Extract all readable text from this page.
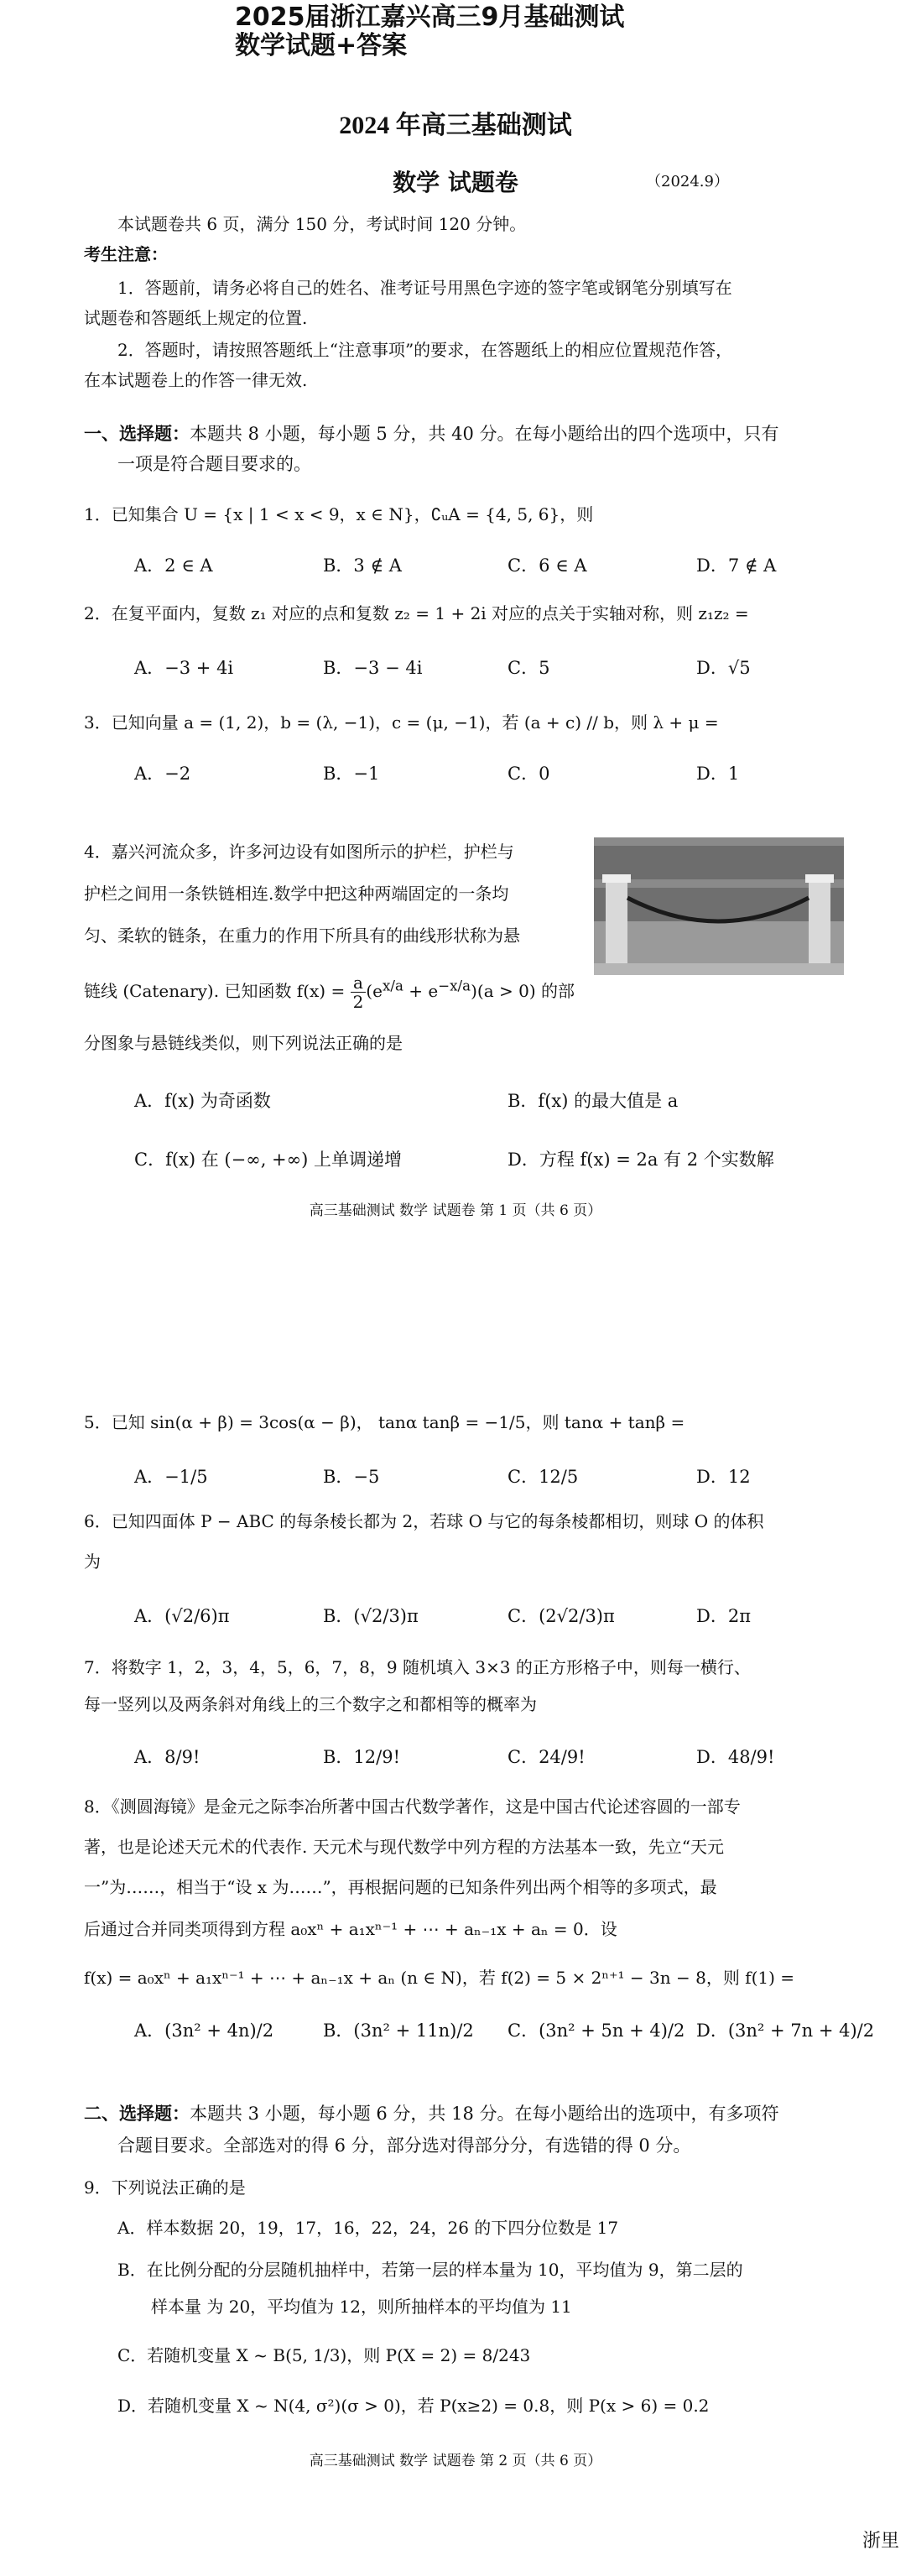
2025届浙江嘉兴高三9月基础测试
数学试题+答案
2024 年高三基础测试
数学 试题卷	（2024.9）
本试题卷共 6 页，满分 150 分，考试时间 120 分钟。
考生注意：
1．答题前，请务必将自己的姓名、准考证号用黑色字迹的签字笔或钢笔分别填写在
试题卷和答题纸上规定的位置.
2．答题时，请按照答题纸上“注意事项”的要求，在答题纸上的相应位置规范作答，
在本试题卷上的作答一律无效.
一、选择题：本题共 8 小题，每小题 5 分，共 40 分。在每小题给出的四个选项中，只有
一项是符合题目要求的。
1．已知集合 U = {x | 1 < x < 9，x ∈ N}，∁ᵤA = {4, 5, 6}，则
A．2 ∈ A	B．3 ∉ A	C．6 ∈ A	D．7 ∉ A
2．在复平面内，复数 z₁ 对应的点和复数 z₂ = 1 + 2i 对应的点关于实轴对称，则 z₁z₂ =
A．−3 + 4i	B．−3 − 4i	C．5	D．√5
3．已知向量 a = (1, 2)，b = (λ, −1)，c = (μ, −1)，若 (a + c) // b，则 λ + μ =
A．−2	B．−1	C．0	D．1
4．嘉兴河流众多，许多河边设有如图所示的护栏，护栏与
护栏之间用一条铁链相连.数学中把这种两端固定的一条均
匀、柔软的链条，在重力的作用下所具有的曲线形状称为悬
链线 (Catenary). 已知函数 $f(x) = \frac{a}{2} (e^{x/a} + e^{-x/a})(a > 0)$ 的部
分图象与悬链线类似，则下列说法正确的是
A．f(x) 为奇函数	B．f(x) 的最大值是 a
C．f(x) 在 (−∞, +∞) 上单调递增	D．方程 f(x) = 2a 有 2 个实数解
高三基础测试 数学 试题卷 第 1 页（共 6 页）
5．已知 sin(α + β) = 3cos(α − β)， tanα tanβ = −1/5，则 tanα + tanβ =
A．−1/5	B．−5	C．12/5	D．12
6．已知四面体 P − ABC 的每条棱长都为 2，若球 O 与它的每条棱都相切，则球 O 的体积
为
A．(√2/6)π	B．(√2/3)π	C．(2√2/3)π	D．2π
7．将数字 1，2，3，4，5，6，7，8，9 随机填入 3×3 的正方形格子中，则每一横行、
每一竖列以及两条斜对角线上的三个数字之和都相等的概率为
A．8/9!	B．12/9!	C．24/9!	D．48/9!
8．《测圆海镜》是金元之际李冶所著中国古代数学著作，这是中国古代论述容圆的一部专
著，也是论述天元术的代表作. 天元术与现代数学中列方程的方法基本一致，先立“天元
一”为……，相当于“设 x 为……”，再根据问题的已知条件列出两个相等的多项式，最
后通过合并同类项得到方程 a₀xⁿ + a₁xⁿ⁻¹ + ⋯ + aₙ₋₁x + aₙ = 0．设
f(x) = a₀xⁿ + a₁xⁿ⁻¹ + ⋯ + aₙ₋₁x + aₙ (n ∈ N)，若 f(2) = 5 × 2ⁿ⁺¹ − 3n − 8，则 f(1) =
A．(3n² + 4n)/2	B．(3n² + 11n)/2 C．(3n² + 5n + 4)/2 D．(3n² + 7n + 4)/2
二、选择题：本题共 3 小题，每小题 6 分，共 18 分。在每小题给出的选项中，有多项符
合题目要求。全部选对的得 6 分，部分选对得部分分，有选错的得 0 分。
9．下列说法正确的是
A．样本数据 20，19，17，16，22，24，26 的下四分位数是 17
B．在比例分配的分层随机抽样中，若第一层的样本量为 10，平均值为 9，第二层的
样本量 为 20，平均值为 12，则所抽样本的平均值为 11
C．若随机变量 X ~ B(5, 1/3)，则 P(X = 2) = 8/243
D．若随机变量 X ~ N(4, σ²)(σ > 0)，若 P(x≥2) = 0.8，则 P(x > 6) = 0.2
高三基础测试 数学 试题卷 第 2 页（共 6 页）
浙里
